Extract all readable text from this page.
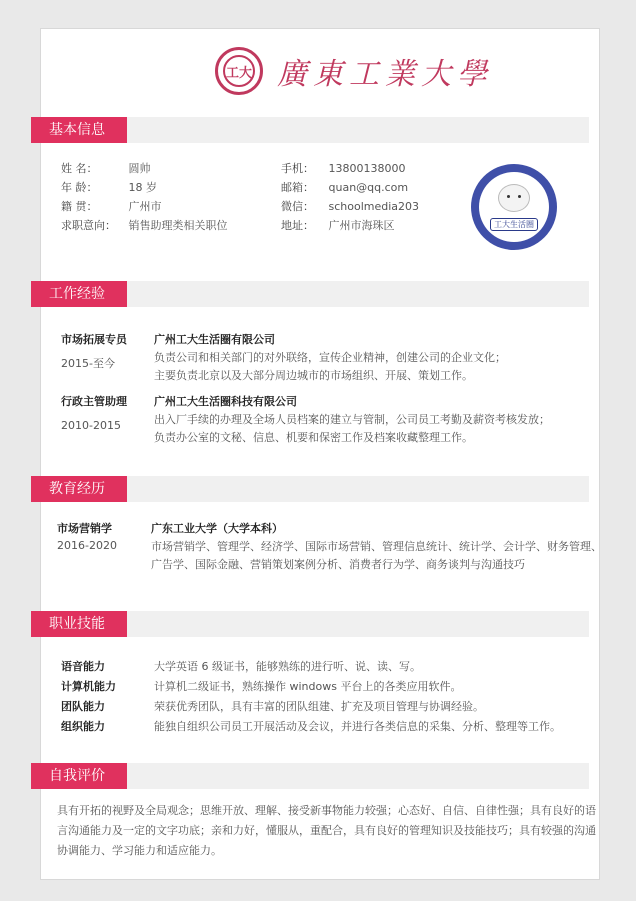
工大 廣東工業大學
基本信息
姓 名：	圆帅
年 龄：	18 岁
籍 贯：	广州市
求职意向： 销售助理类相关职位
手机： 13800138000
邮箱： quan@qq.com
微信： schoolmedia203
地址： 广州市海珠区	工大生活圈
工作经验
市场拓展专员
2015-至今
广州工大生活圈有限公司
负责公司和相关部门的对外联络，宣传企业精神，创建公司的企业文化；
主要负责北京以及大部分周边城市的市场组织、开展、策划工作。
行政主管助理
2010-2015
广州工大生活圈科技有限公司
出入厂手续的办理及全场人员档案的建立与管制，公司员工考勤及薪资考核发放；
负责办公室的文秘、信息、机要和保密工作及档案收藏整理工作。
教育经历
市场营销学
2016-2020
广东工业大学（大学本科）
市场营销学、管理学、经济学、国际市场营销、管理信息统计、统计学、会计学、财务管理、
广告学、国际金融、营销策划案例分析、消费者行为学、商务谈判与沟通技巧
职业技能
语音能力	大学英语 6 级证书，能够熟练的进行听、说、读、写。
计算机能力	计算机二级证书，熟练操作 windows 平台上的各类应用软件。
团队能力	荣获优秀团队，具有丰富的团队组建、扩充及项目管理与协调经验。
组织能力	能独自组织公司员工开展活动及会议，并进行各类信息的采集、分析、整理等工作。
自我评价
具有开拓的视野及全局观念；思维开放、理解、接受新事物能力较强；心态好、自信、自律性强；具有良好的语
言沟通能力及一定的文字功底；亲和力好，懂服从，重配合，具有良好的管理知识及技能技巧；具有较强的沟通
协调能力、学习能力和适应能力。
